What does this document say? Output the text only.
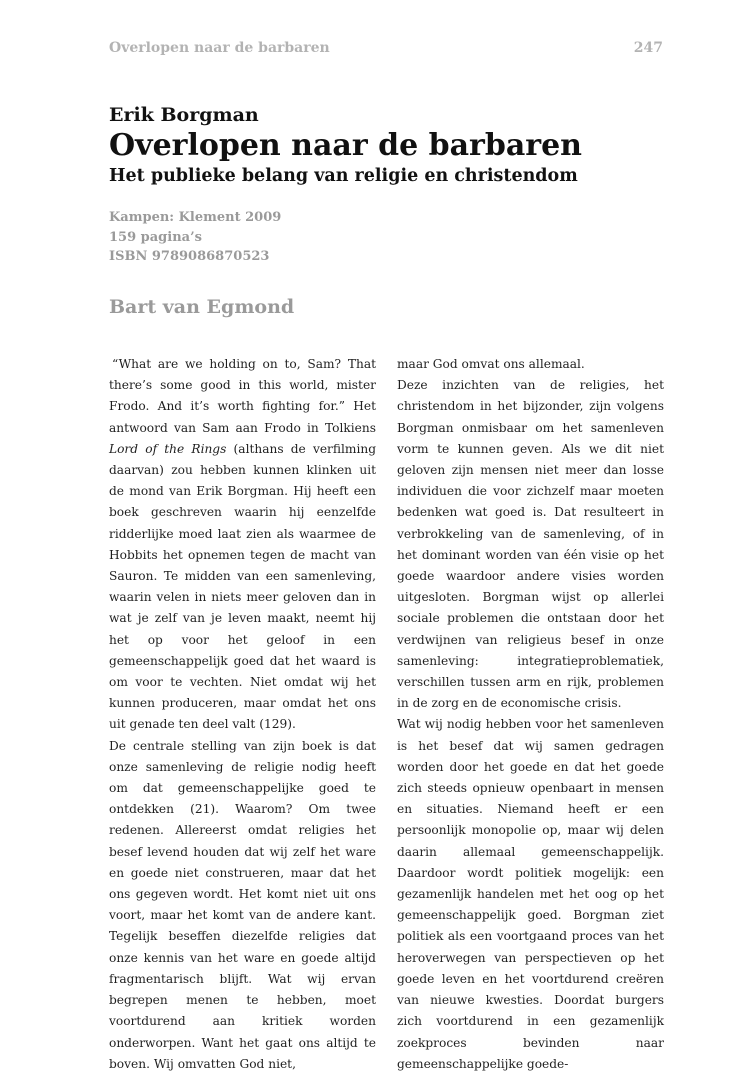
Overlopen naar de barbaren	247
Erik Borgman
Overlopen naar de barbaren
Het publieke belang van religie en christendom
Kampen: Klement 2009
159 pagina’s
ISBN 9789086870523
Bart van Egmond

“What are we holding on to, Sam? That there’s some good in this world, mister Frodo. And it’s worth fighting for.” Het antwoord van Sam aan Frodo in Tolkiens Lord of the Rings (althans de verfilming daarvan) zou hebben kunnen klinken uit de mond van Erik Borgman. Hij heeft een boek geschreven waarin hij eenzelfde ridderlijke moed laat zien als waarmee de Hobbits het opnemen tegen de macht van Sauron. Te midden van een samenleving, waarin velen in niets meer geloven dan in wat je zelf van je leven maakt, neemt hij het op voor het geloof in een gemeenschappelijk goed dat het waard is om voor te vechten. Niet omdat wij het kunnen produceren, maar omdat het ons uit genade ten deel valt (129).

De centrale stelling van zijn boek is dat onze samenleving de religie nodig heeft om dat gemeenschappelijke goed te ontdekken (21). Waarom? Om twee redenen. Allereerst omdat religies het besef levend houden dat wij zelf het ware en goede niet construeren, maar dat het ons gegeven wordt. Het komt niet uit ons voort, maar het komt van de andere kant. Tegelijk beseffen diezelfde religies dat onze kennis van het ware en goede altijd fragmentarisch blijft. Wat wij ervan begrepen menen te hebben, moet voortdurend aan kritiek worden onderworpen. Want het gaat ons altijd te boven. Wij omvatten God niet,

maar God omvat ons allemaal.

Deze inzichten van de religies, het christendom in het bijzonder, zijn volgens Borgman onmisbaar om het samenleven vorm te kunnen geven. Als we dit niet geloven zijn mensen niet meer dan losse individuen die voor zichzelf maar moeten bedenken wat goed is. Dat resulteert in verbrokkeling van de samenleving, of in het dominant worden van één visie op het goede waardoor andere visies worden uitgesloten. Borgman wijst op allerlei sociale problemen die ontstaan door het verdwijnen van religieus besef in onze samenleving: integratieproblematiek, verschillen tussen arm en rijk, problemen in de zorg en de economische crisis.

Wat wij nodig hebben voor het samenleven is het besef dat wij samen gedragen worden door het goede en dat het goede zich steeds opnieuw openbaart in mensen en situaties. Niemand heeft er een persoonlijk monopolie op, maar wij delen daarin allemaal gemeenschappelijk. Daardoor wordt politiek mogelijk: een gezamenlijk handelen met het oog op het gemeenschappelijk goed. Borgman ziet politiek als een voortgaand proces van het heroverwegen van perspectieven op het goede leven en het voortdurend creëren van nieuwe kwesties. Doordat burgers zich voortdurend in een gezamenlijk zoekproces bevinden naar gemeenschappelijke goede-
